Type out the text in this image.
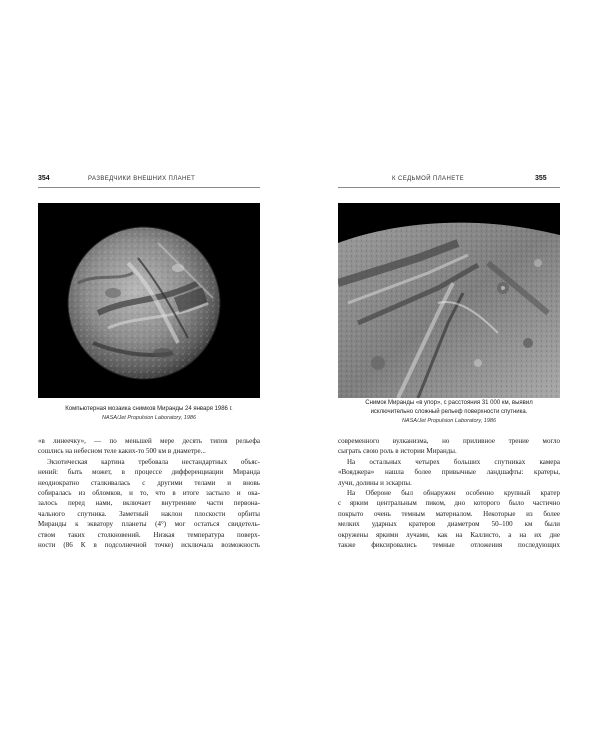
354	РАЗВЕДЧИКИ ВНЕШНИХ ПЛАНЕТ
Компьютерная мозаика снимков Миранды 24 января 1986 г.
NASA/Jet Propulsion Laboratory, 1986
«в линеечку», — по меньшей мере десять типов рельефа
сошлись на небесном теле каких-то 500 км в диаметре...
Экзотическая картина требовала нестандартных объяс-
нений: быть может, в процессе дифференциации Миранда
неоднократно сталкивалась с другими телами и вновь
собиралась из обломков, и то, что в итоге застыло и ока-
залось перед нами, включает внутренние части первона-
чального спутника. Заметный наклон плоскости орбиты
Миранды к экватору планеты (4°) мог остаться свидетель-
ством таких столкновений. Низкая температура поверх-
ности (86 К в подсолнечной точке) исключала возможность
К СЕДЬМОЙ ПЛАНЕТЕ	355
Снимок Миранды «в упор», с расстояния 31 000 км, выявил
исключительно сложный рельеф поверхности спутника.
NASA/Jet Propulsion Laboratory, 1986
современного вулканизма, но приливное трение могло
сыграть свою роль в истории Миранды.
На остальных четырех больших спутниках камера
«Вояджера» нашла более привычные ландшафты: кратеры,
лучи, долины и эскарпы.
На Обероне был обнаружен особенно крупный кратер
с ярким центральным пиком, дно которого было частично
покрыто очень темным материалом. Некоторые из более
мелких ударных кратеров диаметром 50–100 км были
окружены яркими лучами, как на Каллисто, а на их дне
также фиксировались темные отложения последующих
